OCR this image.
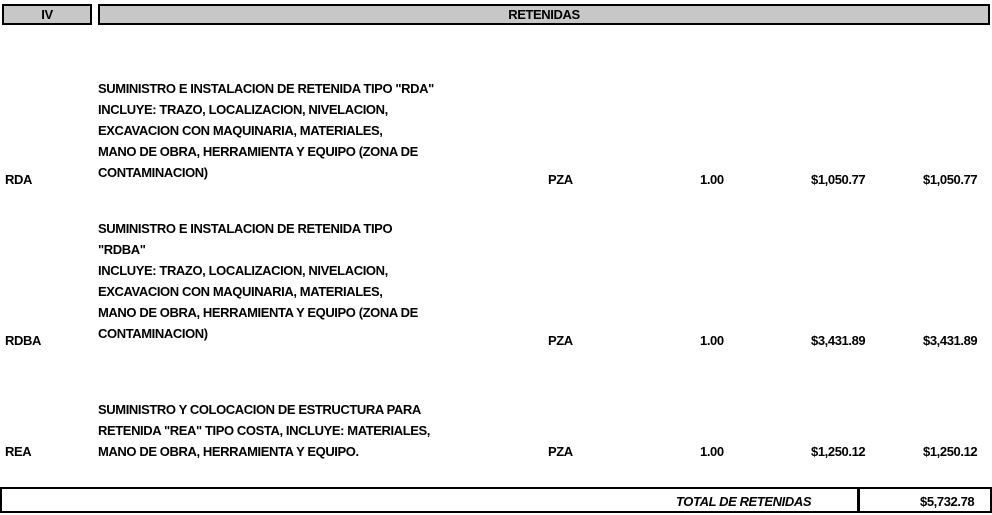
IV	RETENIDAS
SUMINISTRO E INSTALACION DE RETENIDA TIPO "RDA"
INCLUYE: TRAZO, LOCALIZACION, NIVELACION,
EXCAVACION CON MAQUINARIA, MATERIALES,
MANO DE OBRA, HERRAMIENTA Y EQUIPO (ZONA DE
CONTAMINACION)
RDA	PZA	1.00	$1,050.77	$1,050.77
SUMINISTRO E INSTALACION DE RETENIDA TIPO
"RDBA"
INCLUYE: TRAZO, LOCALIZACION, NIVELACION,
EXCAVACION CON MAQUINARIA, MATERIALES,
MANO DE OBRA, HERRAMIENTA Y EQUIPO (ZONA DE
CONTAMINACION)
RDBA	PZA	1.00	$3,431.89	$3,431.89
SUMINISTRO Y COLOCACION DE ESTRUCTURA PARA
RETENIDA "REA" TIPO COSTA, INCLUYE: MATERIALES,
MANO DE OBRA, HERRAMIENTA Y EQUIPO.
REA	PZA	1.00	$1,250.12	$1,250.12
TOTAL DE RETENIDAS	$5,732.78
